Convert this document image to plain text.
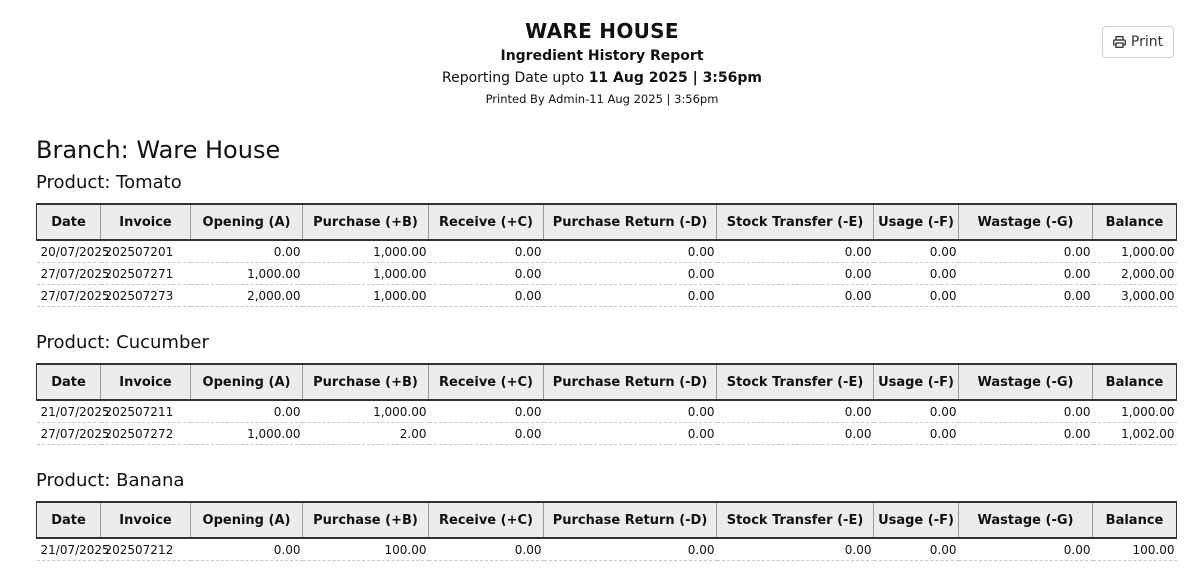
WARE HOUSE
Ingredient History Report
Reporting Date upto 11 Aug 2025 | 3:56pm
Printed By Admin-11 Aug 2025 | 3:56pm
Print
Branch: Ware House
Product: Tomato
Date	Invoice	Opening (A)	Purchase (+B)	Receive (+C)	Purchase Return (-D)	Stock Transfer (-E)	Usage (-F)	Wastage (-G)	Balance
20/07/2025	202507201	0.00	1,000.00	0.00	0.00	0.00	0.00	0.00	1,000.00
27/07/2025	202507271	1,000.00	1,000.00	0.00	0.00	0.00	0.00	0.00	2,000.00
27/07/2025	202507273	2,000.00	1,000.00	0.00	0.00	0.00	0.00	0.00	3,000.00
Product: Cucumber
Date	Invoice	Opening (A)	Purchase (+B)	Receive (+C)	Purchase Return (-D)	Stock Transfer (-E)	Usage (-F)	Wastage (-G)	Balance
21/07/2025	202507211	0.00	1,000.00	0.00	0.00	0.00	0.00	0.00	1,000.00
27/07/2025	202507272	1,000.00	2.00	0.00	0.00	0.00	0.00	0.00	1,002.00
Product: Banana
Date	Invoice	Opening (A)	Purchase (+B)	Receive (+C)	Purchase Return (-D)	Stock Transfer (-E)	Usage (-F)	Wastage (-G)	Balance
21/07/2025	202507212	0.00	100.00	0.00	0.00	0.00	0.00	0.00	100.00
